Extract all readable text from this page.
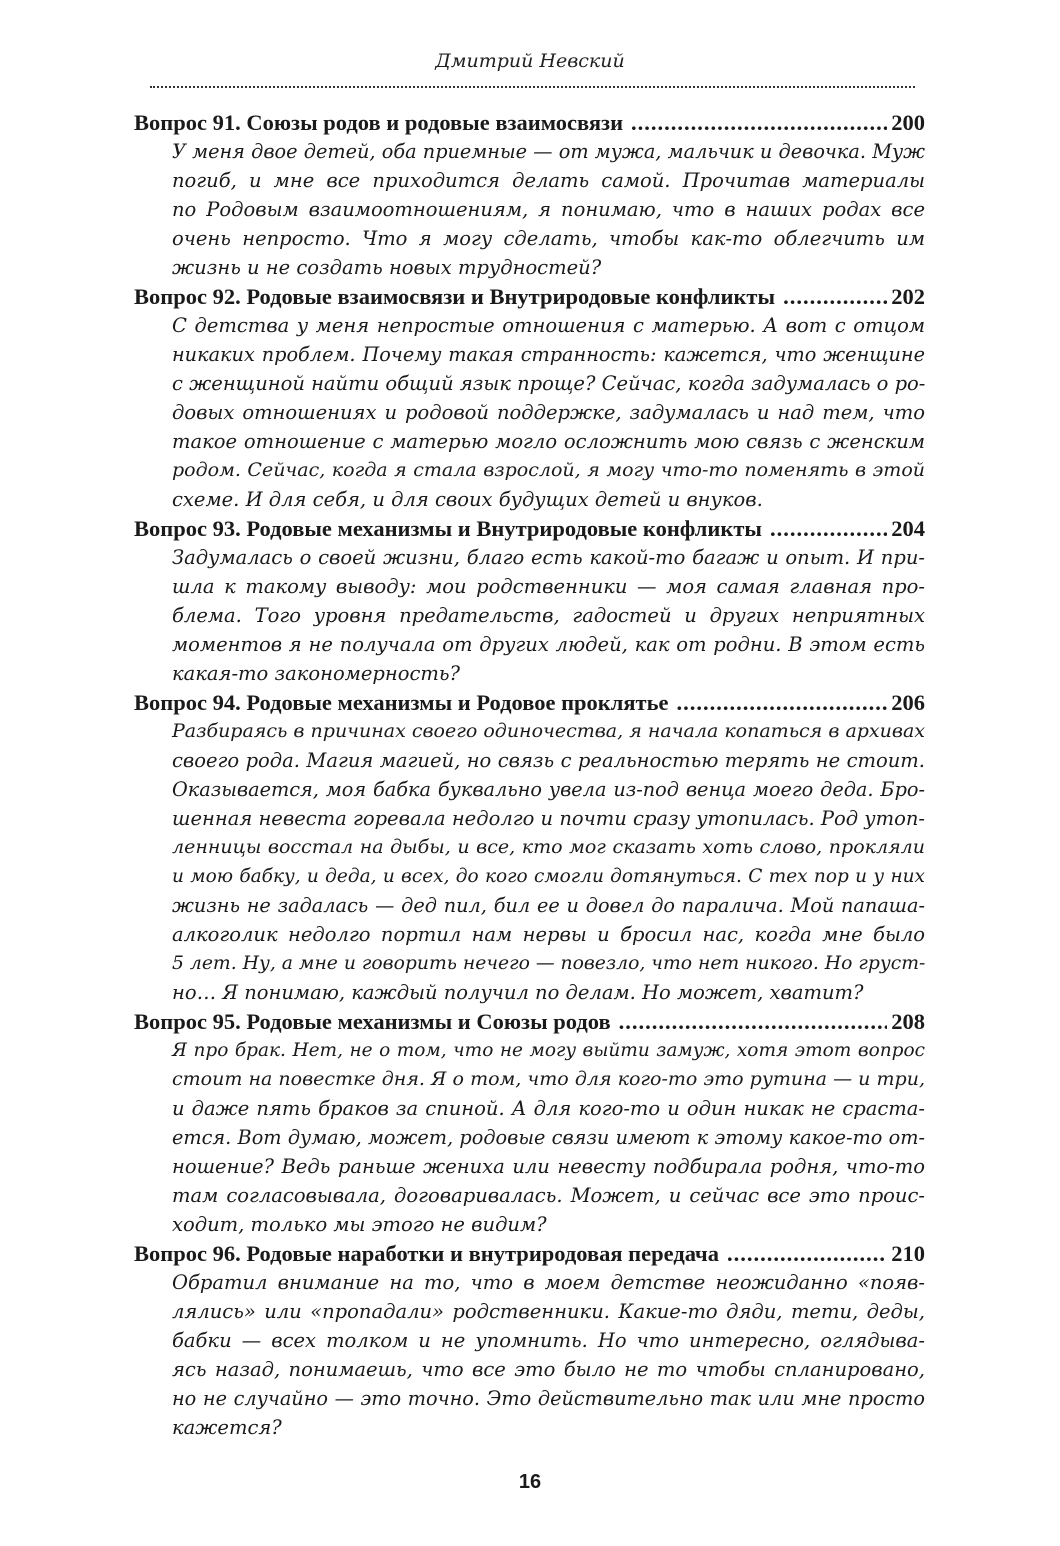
Дмитрий Невский
Вопрос 91. Союзы родов и родовые взаимосвязи .....	200
У меня двое детей, оба приемные — от мужа, мальчик и девочка. Муж
погиб, и мне все приходится делать самой. Прочитав материалы
по Родовым взаимоотношениям, я понимаю, что в наших родах все
очень непросто. Что я могу сделать, чтобы как-то облегчить им
жизнь и не создать новых трудностей?
Вопрос 92. Родовые взаимосвязи и Внутриродовые конфликты .....	202
С детства у меня непростые отношения с матерью. А вот с отцом
никаких проблем. Почему такая странность: кажется, что женщине
с женщиной найти общий язык проще? Сейчас, когда задумалась о ро-
довых отношениях и родовой поддержке, задумалась и над тем, что
такое отношение с матерью могло осложнить мою связь с женским
родом. Сейчас, когда я стала взрослой, я могу что-то поменять в этой
схеме. И для себя, и для своих будущих детей и внуков.
Вопрос 93. Родовые механизмы и Внутриродовые конфликты .....	204
Задумалась о своей жизни, благо есть какой-то багаж и опыт. И при-
шла к такому выводу: мои родственники — моя самая главная про-
блема. Того уровня предательств, гадостей и других неприятных
моментов я не получала от других людей, как от родни. В этом есть
какая-то закономерность?
Вопрос 94. Родовые механизмы и Родовое проклятье .....	206
Разбираясь в причинах своего одиночества, я начала копаться в архивах
своего рода. Магия магией, но связь с реальностью терять не стоит.
Оказывается, моя бабка буквально увела из-под венца моего деда. Бро-
шенная невеста горевала недолго и почти сразу утопилась. Род утоп-
ленницы восстал на дыбы, и все, кто мог сказать хоть слово, прокляли
и мою бабку, и деда, и всех, до кого смогли дотянуться. С тех пор и у них
жизнь не задалась — дед пил, бил ее и довел до паралича. Мой папаша-
алкоголик недолго портил нам нервы и бросил нас, когда мне было
5 лет. Ну, а мне и говорить нечего — повезло, что нет никого. Но груст-
но… Я понимаю, каждый получил по делам. Но может, хватит?
Вопрос 95. Родовые механизмы и Союзы родов .....	208
Я про брак. Нет, не о том, что не могу выйти замуж, хотя этот вопрос
стоит на повестке дня. Я о том, что для кого-то это рутина — и три,
и даже пять браков за спиной. А для кого-то и один никак не сраста-
ется. Вот думаю, может, родовые связи имеют к этому какое-то от-
ношение? Ведь раньше жениха или невесту подбирала родня, что-то
там согласовывала, договаривалась. Может, и сейчас все это проис-
ходит, только мы этого не видим?
Вопрос 96. Родовые наработки и внутриродовая передача .....	210
Обратил внимание на то, что в моем детстве неожиданно «появ-
лялись» или «пропадали» родственники. Какие-то дяди, тети, деды,
бабки — всех толком и не упомнить. Но что интересно, оглядыва-
ясь назад, понимаешь, что все это было не то чтобы спланировано,
но не случайно — это точно. Это действительно так или мне просто
кажется?
16
